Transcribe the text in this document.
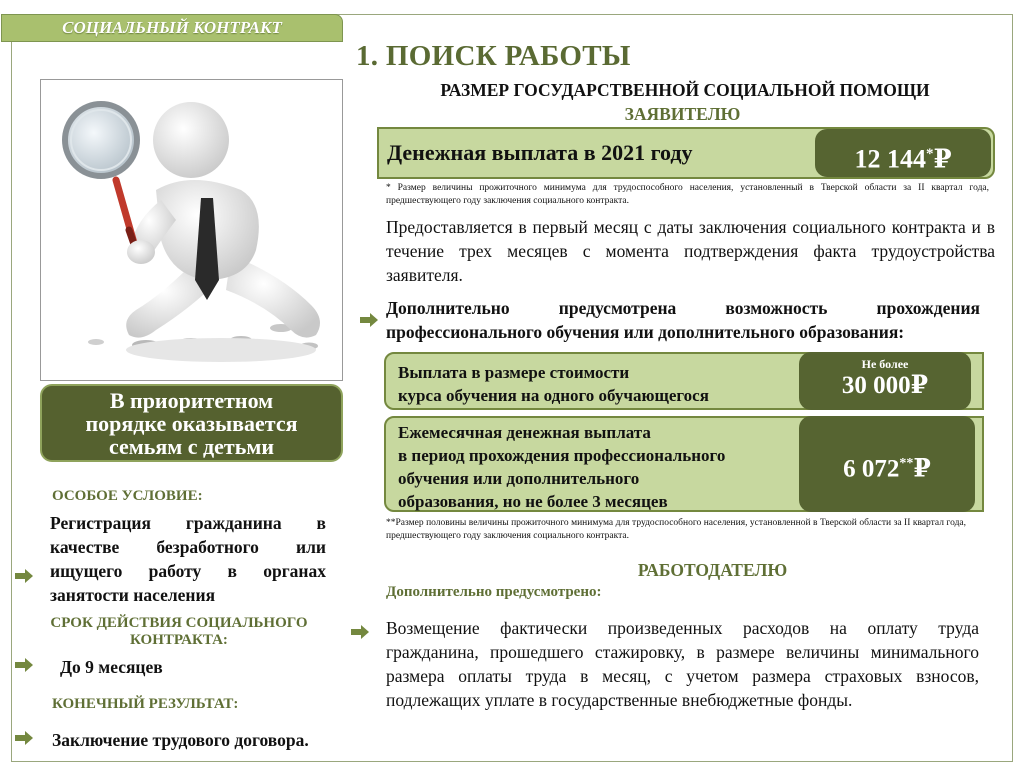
СОЦИАЛЬНЫЙ КОНТРАКТ
1. ПОИСК РАБОТЫ
РАЗМЕР ГОСУДАРСТВЕННОЙ СОЦИАЛЬНОЙ ПОМОЩИ
ЗАЯВИТЕЛЮ
В приоритетном
порядке оказывается
семьям с детьми
ОСОБОЕ УСЛОВИЕ:
Регистрация гражданина в качестве безработного или ищущего работу в органах занятости населения
СРОК ДЕЙСТВИЯ СОЦИАЛЬНОГО
КОНТРАКТА:
До 9 месяцев
КОНЕЧНЫЙ РЕЗУЛЬТАТ:
Заключение трудового договора.
Денежная выплата в 2021 году	12 144*₽
* Размер величины прожиточного минимума для трудоспособного населения, установленный в Тверской области за II квартал года, предшествующего году заключения социального контракта.
Предоставляется в первый месяц с даты заключения социального контракта и в течение трех месяцев с момента подтверждения факта трудоустройства заявителя.
Дополнительно предусмотрена возможность прохождения профессионального обучения или дополнительного образования:
Выплата в размере стоимости
курса обучения на одного обучающегося
Не более
30 000₽
Ежемесячная денежная выплата
в период прохождения профессионального
обучения или дополнительного
образования, но не более 3 месяцев
6 072**₽
**Размер половины величины прожиточного минимума для трудоспособного населения, установленной в Тверской области за II квартал года, предшествующего году заключения социального контракта.
РАБОТОДАТЕЛЮ
Дополнительно предусмотрено:
Возмещение фактически произведенных расходов на оплату труда гражданина, прошедшего стажировку, в размере величины минимального размера оплаты труда в месяц, с учетом размера страховых взносов, подлежащих уплате в государственные внебюджетные фонды.
